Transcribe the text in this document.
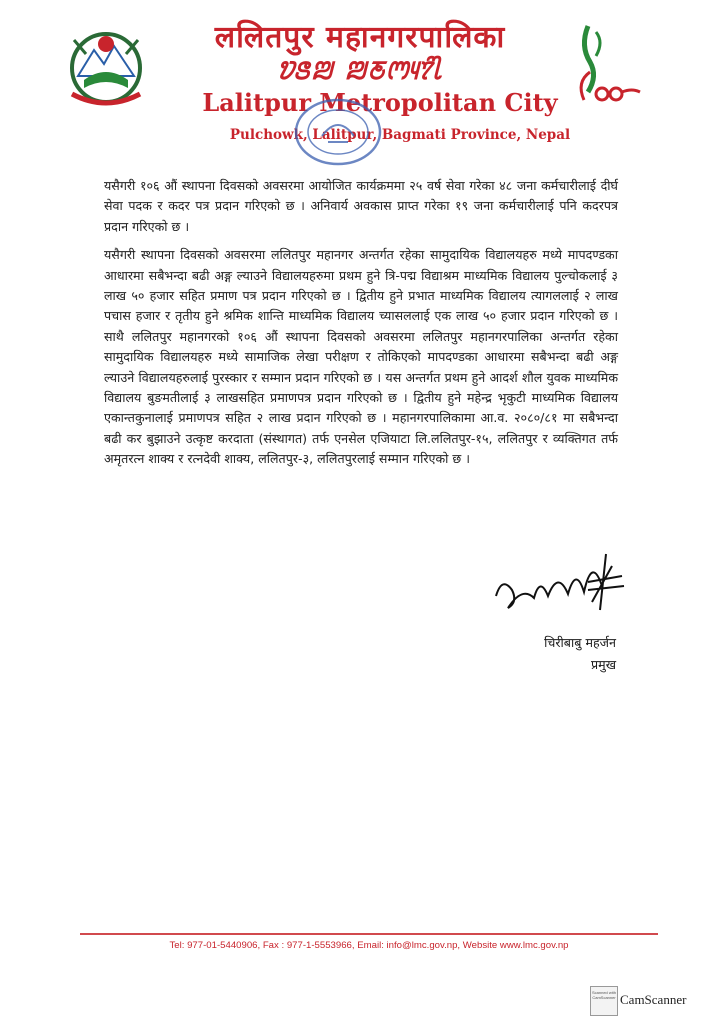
ललितपुर महानगरपालिका
ꢫꢺꢪ ꢪꢲꢳꢴꢵꢶꢷ
Lalitpur Metropolitan City
Pulchowk, Lalitpur, Bagmati Province, Nepal

यसैगरी १०६ औं स्थापना दिवसको अवसरमा आयोजित कार्यक्रममा २५ वर्ष सेवा गरेका ४८ जना कर्मचारीलाई दीर्घ सेवा पदक र कदर पत्र प्रदान गरिएको छ । अनिवार्य अवकास प्राप्त गरेका १९ जना कर्मचारीलाई पनि कदरपत्र प्रदान गरिएको छ ।

यसैगरी स्थापना दिवसको अवसरमा ललितपुर महानगर अन्तर्गत रहेका सामुदायिक विद्यालयहरु मध्ये मापदण्डका आधारमा सबैभन्दा बढी अङ्ग ल्याउने विद्यालयहरुमा प्रथम हुने त्रि-पद्म विद्याश्रम माध्यमिक विद्यालय पुल्चोकलाई ३ लाख ५० हजार सहित प्रमाण पत्र प्रदान गरिएको छ । द्वितीय हुने प्रभात माध्यमिक विद्यालय त्यागललाई २ लाख पचास हजार र तृतीय हुने श्रमिक शान्ति माध्यमिक विद्यालय च्यासललाई एक लाख ५० हजार प्रदान गरिएको छ । साथै ललितपुर महानगरको १०६ औं स्थापना दिवसको अवसरमा ललितपुर महानगरपालिका अन्तर्गत रहेका सामुदायिक विद्यालयहरु मध्ये सामाजिक लेखा परीक्षण र तोकिएको मापदण्डका आधारमा सबैभन्दा बढी अङ्ग ल्याउने विद्यालयहरुलाई पुरस्कार र सम्मान प्रदान गरिएको छ । यस अन्तर्गत प्रथम हुने आदर्श शौल युवक माध्यमिक विद्यालय बुङमतीलाई ३ लाखसहित प्रमाणपत्र प्रदान गरिएको छ । द्वितीय हुने महेन्द्र भृकुटी माध्यमिक विद्यालय एकान्तकुनालाई प्रमाणपत्र सहित २ लाख प्रदान गरिएको छ । महानगरपालिकामा आ.व. २०८०/८१ मा सबैभन्दा बढी कर बुझाउने उत्कृष्ट करदाता (संस्थागत) तर्फ एनसेल एजियाटा लि.ललितपुर-१५, ललितपुर र व्यक्तिगत तर्फ अमृतरत्न शाक्य र रत्नदेवी शाक्य, ललितपुर-३, ललितपुरलाई सम्मान गरिएको छ ।

चिरीबाबु महर्जन
प्रमुख
Tel: 977-01-5440906, Fax : 977-1-5553966, Email: info@lmc.gov.np, Website www.lmc.gov.np
Scanned with CamScanner CamScanner
